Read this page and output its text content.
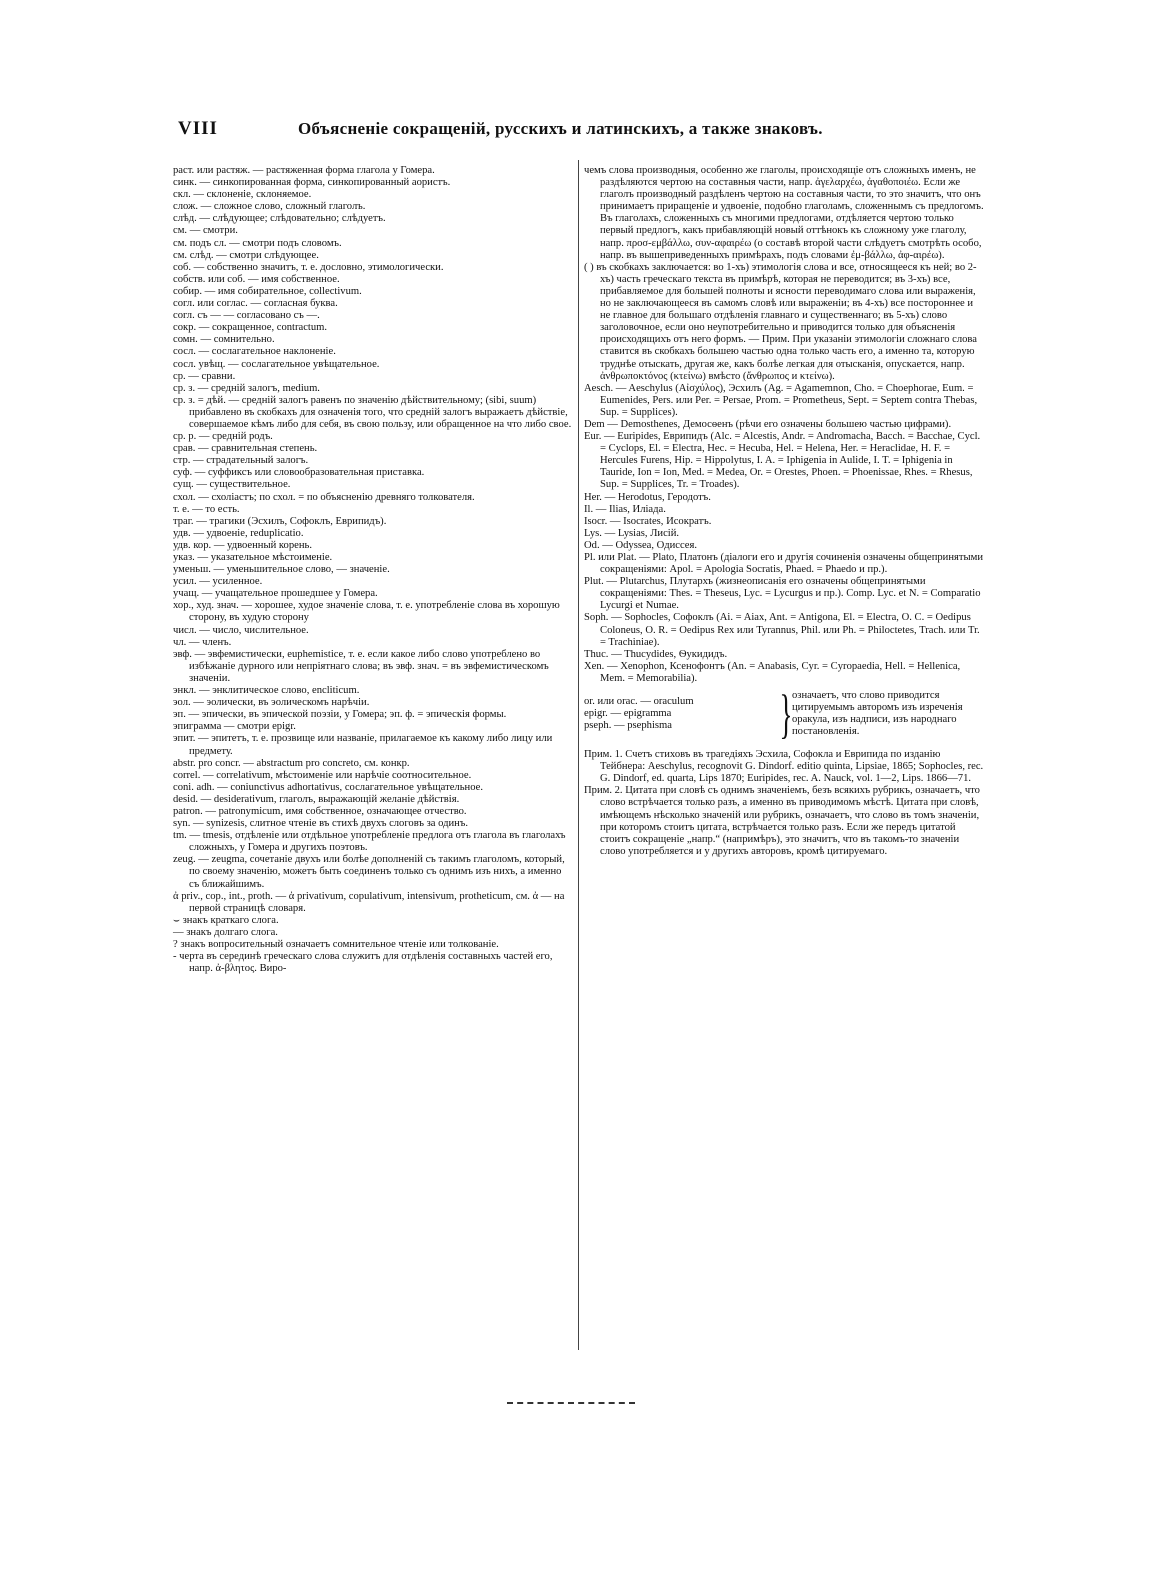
VIII	Объясненіе сокращеній, русскихъ и латинскихъ, а также знаковъ.

раст. или растяж. — растяженная форма глагола у Гомера.

синк. — синкопированная форма, синкопированный аористъ.

скл. — склоненіе, склоняемое.

слож. — сложное слово, сложный глаголъ.

слѣд. — слѣдующее; слѣдовательно; слѣдуетъ.

см. — смотри.

см. подъ сл. — смотри подъ словомъ.

см. слѣд. — смотри слѣдующее.

соб. — собственно значитъ, т. е. дословно, этимологически.

собств. или соб. — имя собственное.

собир. — имя собирательное, collectivum.

согл. или соглас. — согласная буква.

согл. съ — — согласовано съ —.

сокр. — сокращенное, contractum.

сомн. — сомнительно.

сосл. — сослагательное наклоненіе.

сосл. увѣщ. — сослагательное увѣщательное.

ср. — сравни.

ср. з. — средній залогъ, medium.

ср. з. = дѣй. — средній залогъ равенъ по значенію дѣйствительному; (sibi, suum) прибавлено въ скобкахъ для означенія того, что средній залогъ выражаетъ дѣйствіе, совершаемое кѣмъ либо для себя, въ свою пользу, или обращенное на что либо свое.

ср. р. — средній родъ.

срав. — сравнительная степень.

стр. — страдательный залогъ.

суф. — суффиксъ или словообразовательная приставка.

сущ. — существительное.

схол. — схоліастъ; по схол. = по объясненію древняго толкователя.

т. е. — то есть.

траг. — трагики (Эсхилъ, Софоклъ, Еврипидъ).

удв. — удвоеніе, reduplicatio.

удв. кор. — удвоенный корень.

указ. — указательное мѣстоименіе.

уменьш. — уменьшительное слово, — значеніе.

усил. — усиленное.

учащ. — учащательное прошедшее у Гомера.

хор., худ. знач. — хорошее, худое значеніе слова, т. е. употребленіе слова въ хорошую сторону, въ худую сторону

числ. — число, числительное.

чл. — членъ.

эвф. — эвфемистически, euphemistice, т. е. если какое либо слово употреблено во избѣжаніе дурного или непріятнаго слова; въ эвф. знач. = въ эвфемистическомъ значеніи.

энкл. — энклитическое слово, encliticum.

эол. — эолически, въ эолическомъ нарѣчіи.

эп. — эпически, въ эпической поэзіи, у Гомера; эп. ф. = эпическія формы.

эпиграмма — смотри epigr.

эпит. — эпитетъ, т. е. прозвище или названіе, прилагаемое къ какому либо лицу или предмету.

abstr. pro concr. — abstractum pro concreto, см. конкр.

correl. — correlativum, мѣстоименіе или нарѣчіе соотносительное.

coni. adh. — coniunctivus adhortativus, сослагательное увѣщательное.

desid. — desiderativum, глаголъ, выражающій желаніе дѣйствія.

patron. — patronymicum, имя собственное, означающее отчество.

syn. — synizesis, слитное чтеніе въ стихѣ двухъ слоговъ за одинъ.

tm. — tmesis, отдѣленіе или отдѣльное употребленіе предлога отъ глагола въ глаголахъ сложныхъ, у Гомера и другихъ поэтовъ.

zeug. — zeugma, сочетаніе двухъ или болѣе дополненій съ такимъ глаголомъ, который, по своему значенію, можетъ быть соединенъ только съ однимъ изъ нихъ, а именно съ ближайшимъ.

ἀ priv., cop., int., proth. — ἀ privativum, copulativum, intensivum, protheticum, см. ἀ — на первой страницѣ словаря.

⌣ знакъ краткаго слога.

— знакъ долгаго слога.

? знакъ вопросительный означаетъ сомнительное чтеніе или толкованіе.

- черта въ серединѣ греческаго слова служитъ для отдѣленія составныхъ частей его, напр. ἀ-βλητος. Виро-

чемъ слова производныя, особенно же глаголы, происходящіе отъ сложныхъ именъ, не раздѣляются чертою на составныя части, напр. ἀγελαρχέω, ἀγαθοποιέω. Если же глаголъ производный раздѣленъ чертою на составныя части, то это значитъ, что онъ принимаетъ приращеніе и удвоеніе, подобно глаголамъ, сложеннымъ съ предлогомъ. Въ глаголахъ, сложенныхъ съ многими предлогами, отдѣляется чертою только первый предлогъ, какъ прибавляющій новый оттѣнокъ къ сложному уже глаголу, напр. προσ-εμβάλλω, συν-αφαιρέω (о составѣ второй части слѣдуетъ смотрѣть особо, напр. въ вышеприведенныхъ примѣрахъ, подъ словами ἐμ-βάλλω, ἀφ-αιρέω).

( ) въ скобкахъ заключается: во 1-хъ) этимологія слова и все, относящееся къ ней; во 2-хъ) часть греческаго текста въ примѣрѣ, которая не переводится; въ 3-хъ) все, прибавляемое для большей полноты и ясности переводимаго слова или выраженія, но не заключающееся въ самомъ словѣ или выраженіи; въ 4-хъ) все постороннее и не главное для большаго отдѣленія главнаго и существеннаго; въ 5-хъ) слово заголовочное, если оно неупотребительно и приводится только для объясненія происходящихъ отъ него формъ. — Прим. При указаніи этимологіи сложнаго слова ставится въ скобкахъ большею частью одна только часть его, а именно та, которую труднѣе отыскать, другая же, какъ болѣе легкая для отысканія, опускается, напр. ἀνθρωποκτόνος (κτείνω) вмѣсто (ἄνθρωπος и κτείνω).

Aesch. — Aeschylus (Αἰσχύλος), Эсхилъ (Ag. = Agamemnon, Cho. = Choephorae, Eum. = Eumenides, Pers. или Per. = Persae, Prom. = Prometheus, Sept. = Septem contra Thebas, Sup. = Supplices).

Dem — Demosthenes, Демосѳенъ (рѣчи его означены большею частью цифрами).

Eur. — Euripides, Еврипидъ (Alc. = Alcestis, Andr. = Andromacha, Bacch. = Bacchae, Cycl. = Cyclops, El. = Electra, Hec. = Hecuba, Hel. = Helena, Her. = Heraclidae, H. F. = Hercules Furens, Hip. = Hippolytus, I. A. = Iphigenia in Aulide, I. T. = Iphigenia in Tauride, Ion = Ion, Med. = Medea, Or. = Orestes, Phoen. = Phoenissae, Rhes. = Rhesus, Sup. = Supplices, Tr. = Troades).

Her. — Herodotus, Геродотъ.

Il. — Ilias, Иліада.

Isocr. — Isocrates, Исократъ.

Lys. — Lysias, Лисій.

Od. — Odyssea, Одиссея.

Pl. или Plat. — Plato, Платонъ (діалоги его и другія сочиненія означены общепринятыми сокращеніями: Apol. = Apologia Socratis, Phaed. = Phaedo и пр.).

Plut. — Plutarchus, Плутархъ (жизнеописанія его означены общепринятыми сокращеніями: Thes. = Theseus, Lyc. = Lycurgus и пр.). Comp. Lyc. et N. = Comparatio Lycurgi et Numae.

Soph. — Sophocles, Софоклъ (Ai. = Aiax, Ant. = Antigona, El. = Electra, O. C. = Oedipus Coloneus, O. R. = Oedipus Rex или Tyrannus, Phil. или Ph. = Philoctetes, Trach. или Tr. = Trachiniae).

Thuc. — Thucydides, Ѳукидидъ.

Xen. — Xenophon, Ксенофонтъ (An. = Anabasis, Cyr. = Cyropaedia, Hell. = Hellenica, Mem. = Memorabilia).

or. или orac. — oraculum
epigr. — epigramma
pseph. — psephisma	} означаетъ, что слово приводится цитируемымъ авторомъ изъ изреченія оракула, изъ надписи, изъ народнаго постановленія.

Прим. 1. Счетъ стиховъ въ трагедіяхъ Эсхила, Софокла и Еврипида по изданію Тейбнера: Aeschylus, recognovit G. Dindorf. editio quinta, Lipsiae, 1865; Sophocles, rec. G. Dindorf, ed. quarta, Lips 1870; Euripides, rec. A. Nauck, vol. 1—2, Lips. 1866—71.

Прим. 2. Цитата при словѣ съ однимъ значеніемъ, безъ всякихъ рубрикъ, означаетъ, что слово встрѣчается только разъ, а именно въ приводимомъ мѣстѣ. Цитата при словѣ, имѣющемъ нѣсколько значеній или рубрикъ, означаетъ, что слово въ томъ значеніи, при которомъ стоитъ цитата, встрѣчается только разъ. Если же передъ цитатой стоитъ сокращеніе „напр.“ (напримѣръ), это значитъ, что въ такомъ-то значеніи слово употребляется и у другихъ авторовъ, кромѣ цитируемаго.
